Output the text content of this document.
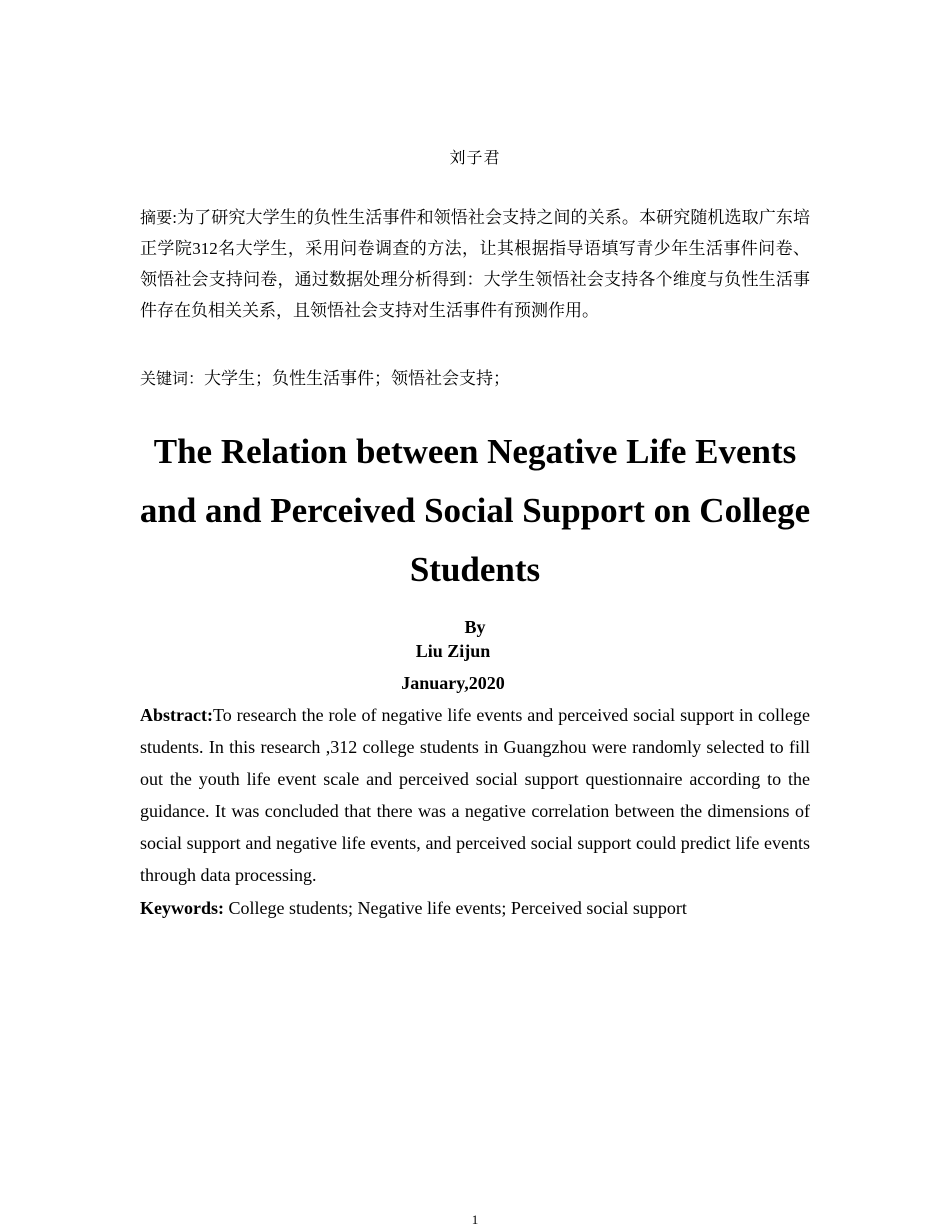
刘子君
摘要:为了研究大学生的负性生活事件和领悟社会支持之间的关系。本研究随机选取广东培正学院312名大学生，采用问卷调查的方法，让其根据指导语填写青少年生活事件问卷、领悟社会支持问卷，通过数据处理分析得到：大学生领悟社会支持各个维度与负性生活事件存在负相关关系，且领悟社会支持对生活事件有预测作用。
关键词：大学生；负性生活事件；领悟社会支持；
The Relation between Negative Life Events
and and Perceived Social Support on College
Students
By
Liu Zijun
January,2020
Abstract:To research the role of negative life events and perceived social support in college students. In this research ,312 college students in Guangzhou were randomly selected to fill out the youth life event scale and perceived social support questionnaire according to the guidance. It was concluded that there was a negative correlation between the dimensions of social support and negative life events, and perceived social support could predict life events through data processing.
Keywords: College students; Negative life events; Perceived social support
1
